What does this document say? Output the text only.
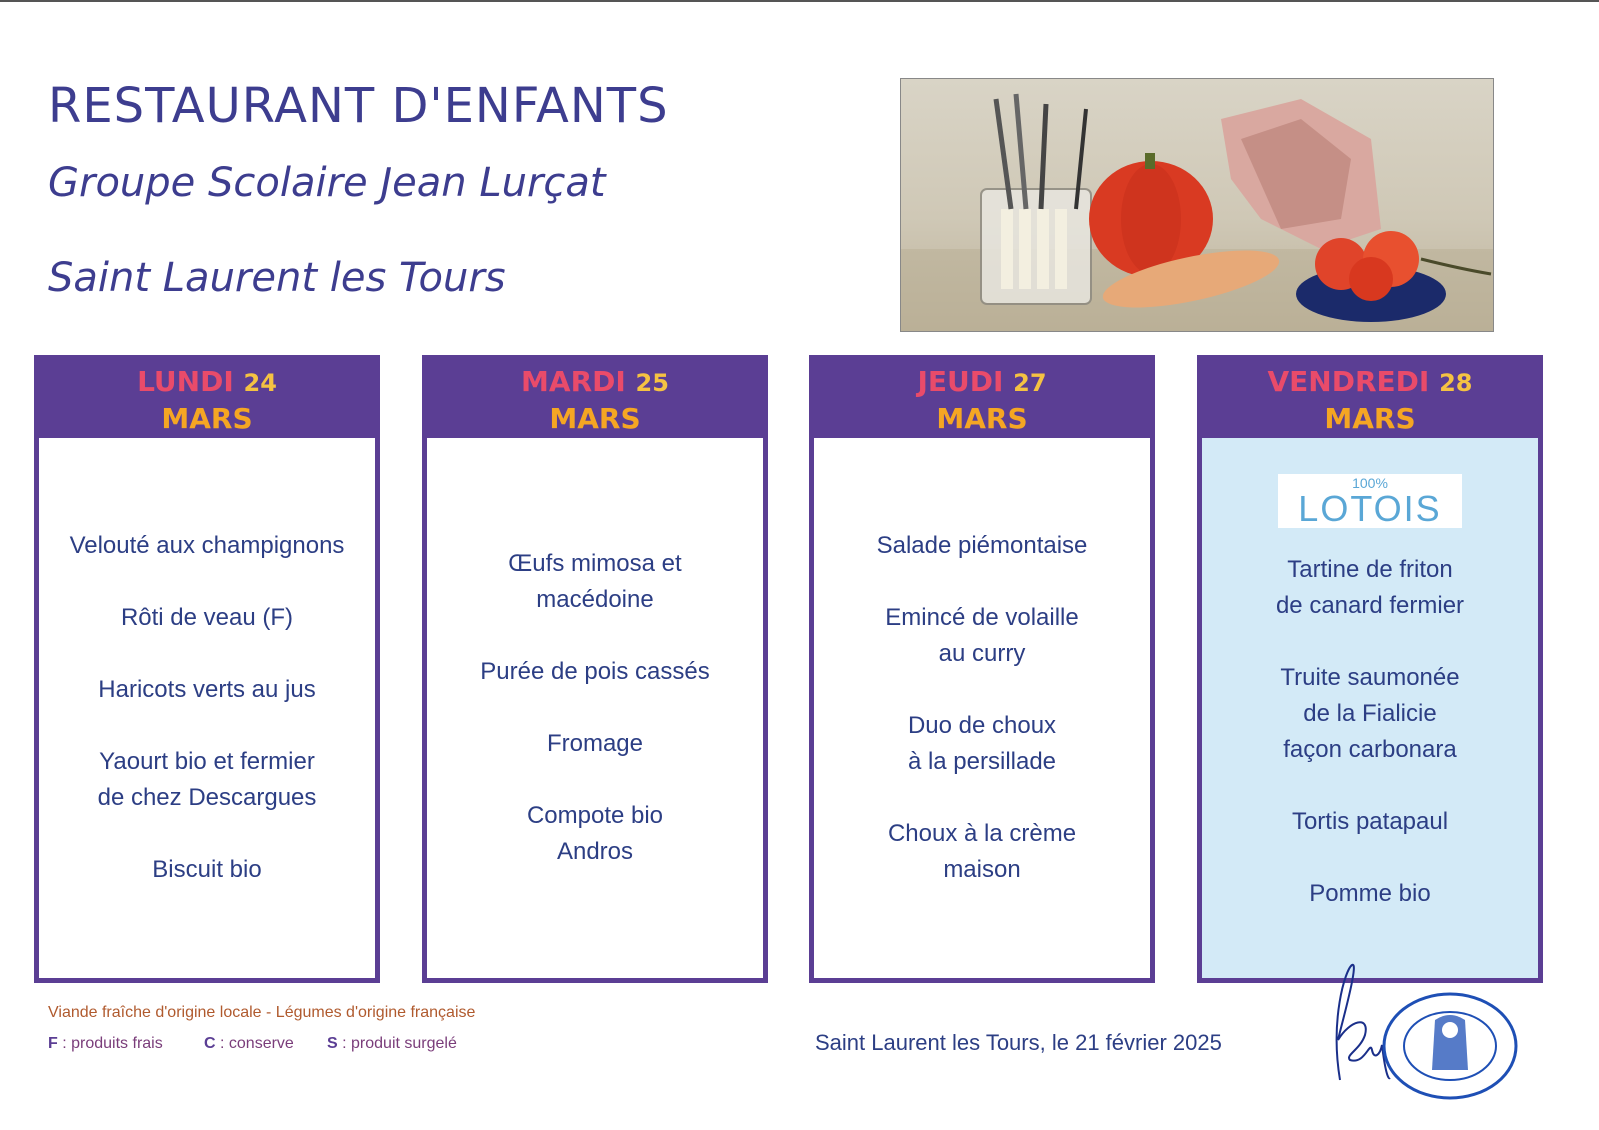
RESTAURANT D'ENFANTS
Groupe Scolaire Jean Lurçat
Saint Laurent les Tours
LUNDI 24
MARS
Velouté aux champignons
Rôti de veau (F)
Haricots verts au jus
Yaourt bio et fermier
de chez Descargues
Biscuit bio
MARDI 25
MARS
Œufs mimosa et
macédoine
Purée de pois cassés
Fromage
Compote bio
Andros
JEUDI 27
MARS
Salade piémontaise
Emincé de volaille
au curry
Duo de choux
à la persillade
Choux à la crème
maison
VENDREDI 28
MARS
100%
LOTOIS
Tartine de friton
de canard fermier
Truite saumonée
de la Fialicie
façon carbonara
Tortis patapaul
Pomme bio
Viande fraîche d'origine locale - Légumes d'origine française
F : produits frais	C : conserve S : produit surgelé	Saint Laurent les Tours, le 21 février 2025
